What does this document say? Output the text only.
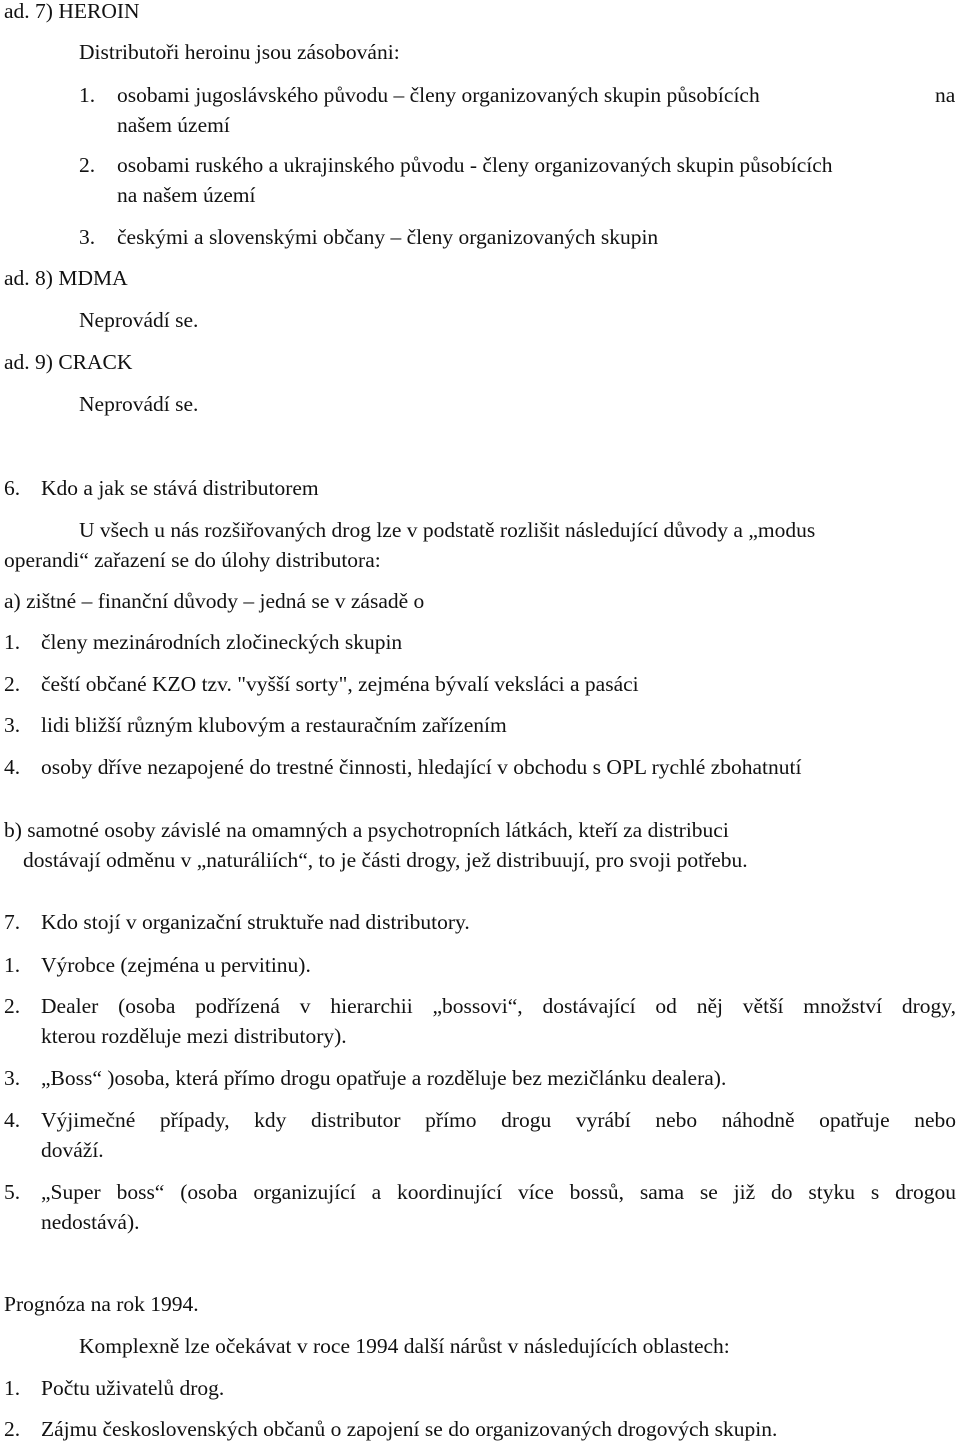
ad. 7) HEROIN
Distributoři heroinu jsou zásobováni:
1. osobami jugoslávského původu – členy organizovaných skupin působících	na
našem území
2. osobami ruského a ukrajinského původu - členy organizovaných skupin působících
na našem území
3. českými a slovenskými občany – členy organizovaných skupin
ad. 8) MDMA
Neprovádí se.
ad. 9) CRACK
Neprovádí se.
6. Kdo a jak se stává distributorem
U všech u nás rozšiřovaných drog lze v podstatě rozlišit následující důvody a „modus
operandi“ zařazení se do úlohy distributora:
a) zištné – finanční důvody – jedná se v zásadě o
1. členy mezinárodních zločineckých skupin
2. čeští občané KZO tzv. "vyšší sorty", zejména bývalí veksláci a pasáci
3. lidi bližší různým klubovým a restauračním zařízením
4. osoby dříve nezapojené do trestné činnosti, hledající v obchodu s OPL rychlé zbohatnutí
b) samotné osoby závislé na omamných a psychotropních látkách, kteří za distribuci
dostávají odměnu v „naturáliích“, to je části drogy, jež distribuují, pro svoji potřebu.
7. Kdo stojí v organizační struktuře nad distributory.
1. Výrobce (zejména u pervitinu).
2. Dealer (osoba podřízená v hierarchii „bossovi“, dostávající od něj větší množství drogy,
kterou rozděluje mezi distributory).
3. „Boss“ )osoba, která přímo drogu opatřuje a rozděluje bez mezičlánku dealera).
4. Výjimečné případy, kdy distributor přímo drogu vyrábí nebo náhodně opatřuje nebo
dováží.
5. „Super boss“ (osoba organizující a koordinující více bossů, sama se již do styku s drogou
nedostává).
Prognóza na rok 1994.
Komplexně lze očekávat v roce 1994 další nárůst v následujících oblastech:
1. Počtu uživatelů drog.
2. Zájmu československých občanů o zapojení se do organizovaných drogových skupin.
